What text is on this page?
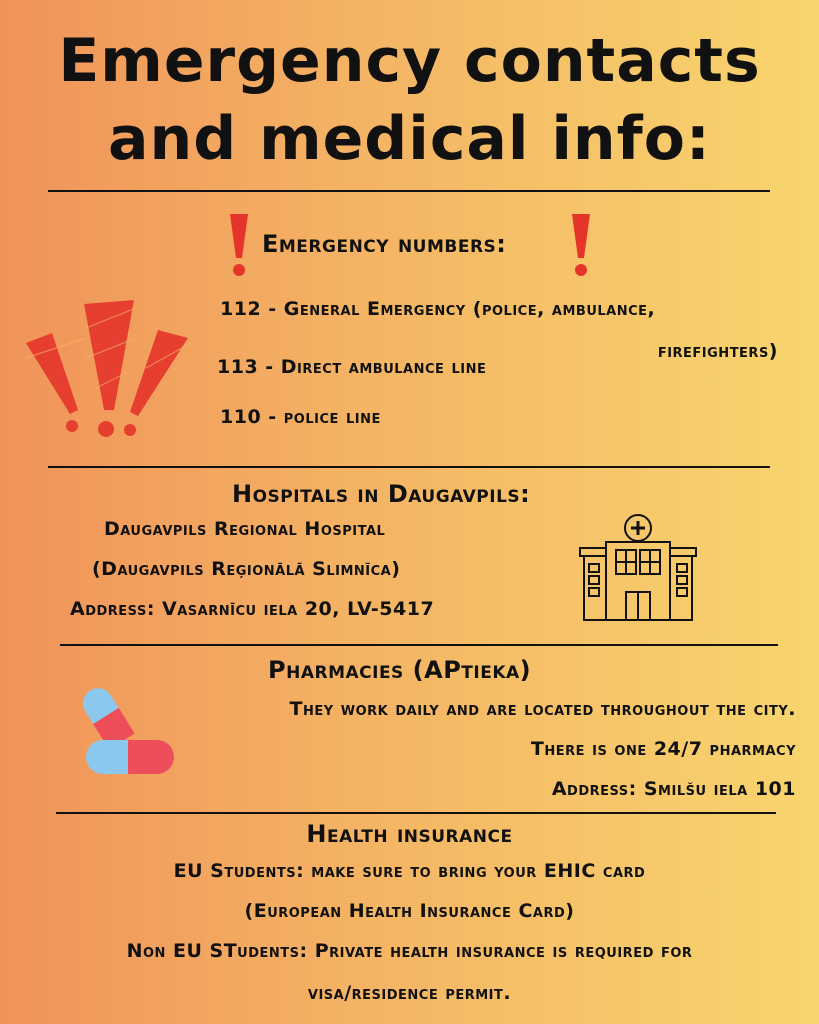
Emergency contacts
and medical info:
Emergency numbers:
112 - General Emergency (police, ambulance,
firefighters)
113 - Direct ambulance line
110 - police line
Hospitals in Daugavpils:
Daugavpils Regional Hospital
(Daugavpils Reģionālā Slimnīca)
Address: Vasarnīcu iela 20, LV-5417
Pharmacies (APtieka)
They work daily and are located throughout the city.
There is one 24/7 pharmacy
Address: Smilšu iela 101
Health insurance
EU Students: make sure to bring your EHIC card
(European Health Insurance Card)
Non EU STudents: Private health insurance is required for
visa/residence permit.
